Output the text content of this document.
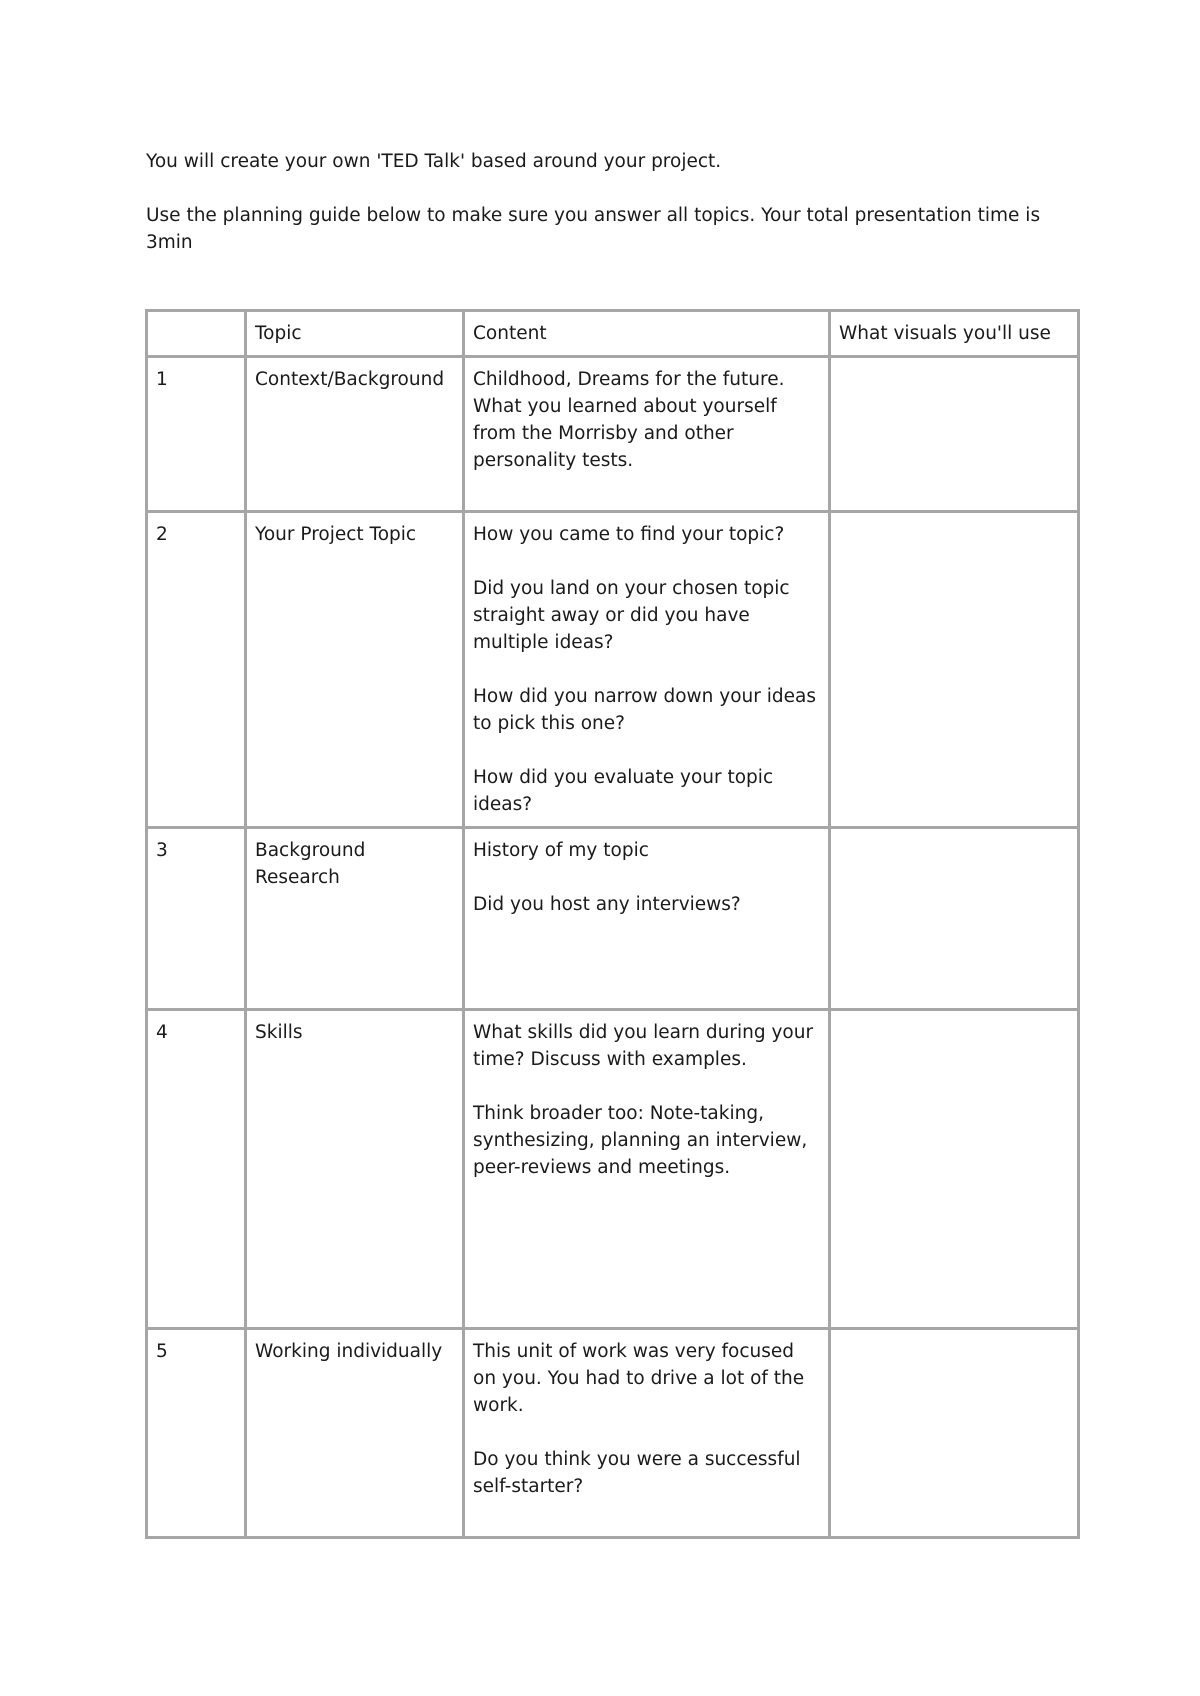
You will create your own 'TED Talk' based around your project.

Use the planning guide below to make sure you answer all topics. Your total presentation time is 3min

	Topic	Content	What visuals you'll use
1	Context/Background	Childhood, Dreams for the future. What you learned about yourself from the Morrisby and other personality tests.	

2	Your Project Topic	How you came to find your topic?
Did you land on your chosen topic straight away or did you have multiple ideas?
How did you narrow down your ideas to pick this one?
How did you evaluate your topic ideas?	

3	Background Research	History of my topic
Did you host any interviews?	

4	Skills	What skills did you learn during your time? Discuss with examples.
Think broader too: Note-taking, synthesizing, planning an interview, peer-reviews and meetings.	

5	Working individually	This unit of work was very focused on you. You had to drive a lot of the work.
Do you think you were a successful self-starter?	
